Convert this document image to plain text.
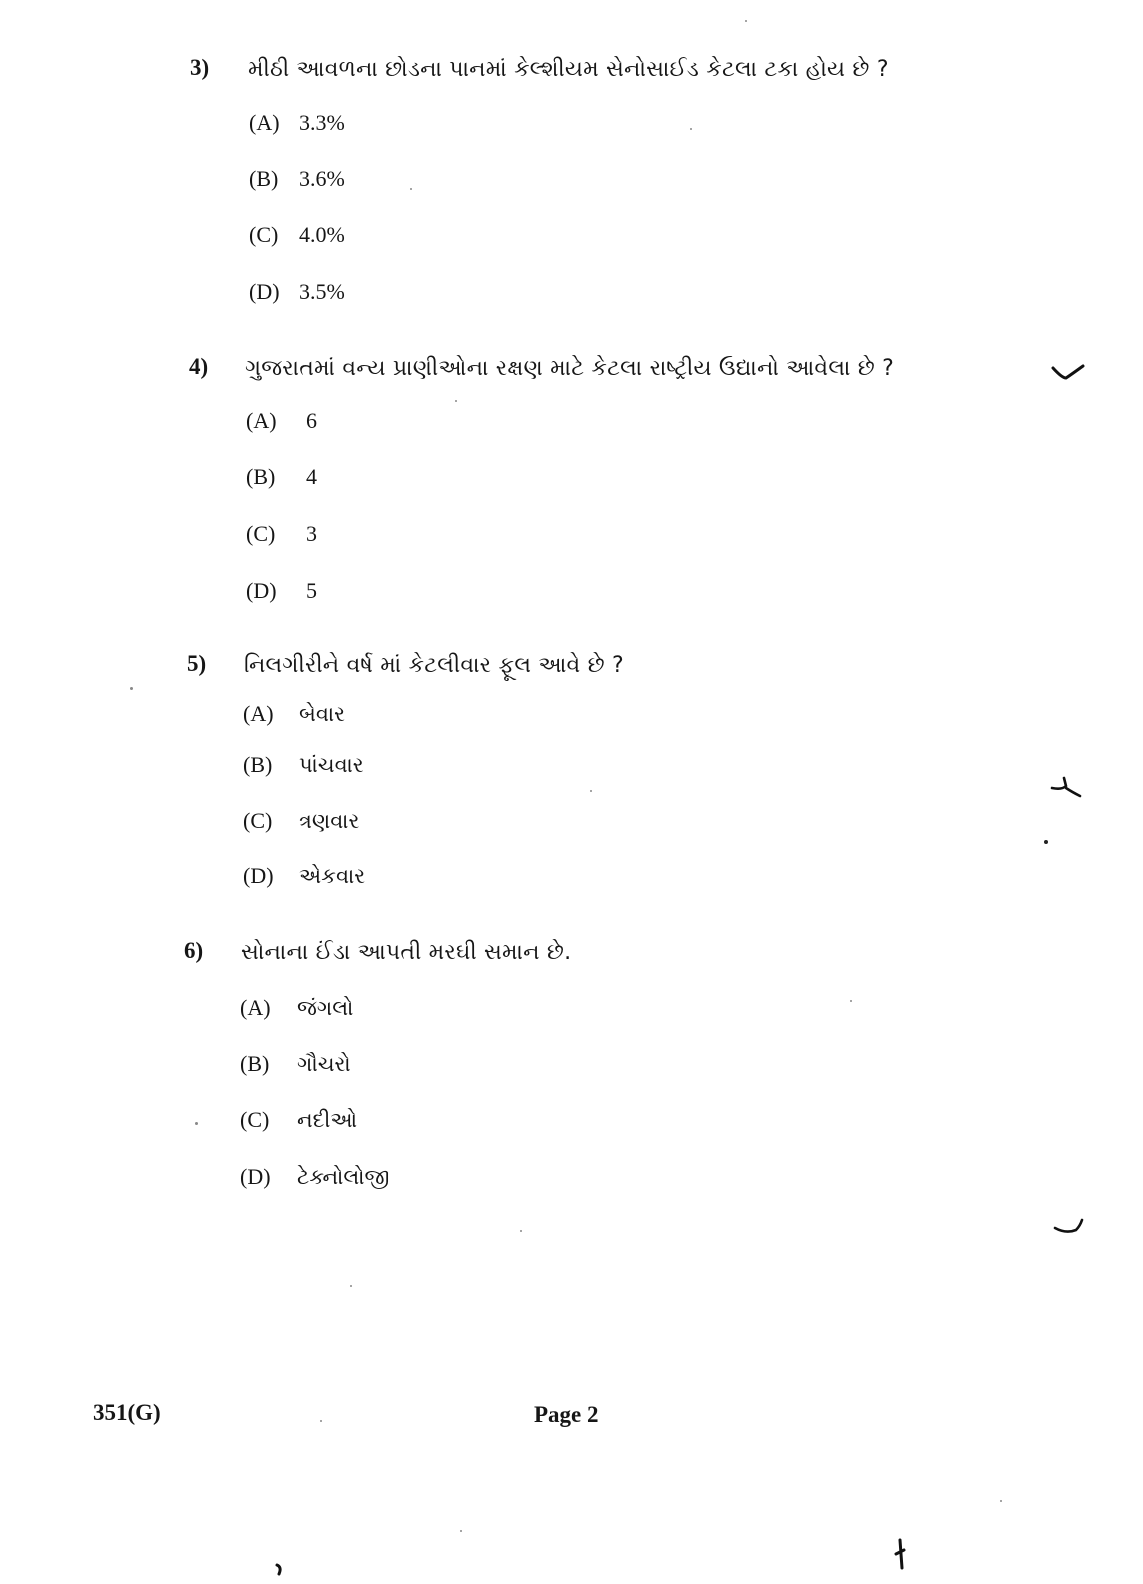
3) મીઠી આવળના છોડના પાનમાં કેલ્શીયમ સેનોસાઈડ કેટલા ટકા હોય છે ?
(A) 3.3%
(B) 3.6%
(C) 4.0%
(D) 3.5%
4) ગુજરાતમાં વન્ય પ્રાણીઓના રક્ષણ માટે કેટલા રાષ્ટ્રીય ઉદ્યાનો આવેલા છે ?
(A) 6
(B) 4
(C) 3
(D) 5
5) નિલગીરીને વર્ષ માં કેટલીવાર ફૂલ આવે છે ?
(A) બેવાર
(B) પાંચવાર
(C) ત્રણવાર
(D) એકવાર
6) સોનાના ઈંડા આપતી મરઘી સમાન છે.
(A) જંગલો
(B) ગૌચરો
(C) નદીઓ
(D) ટેક્નોલોજી
351(G)	Page 2
